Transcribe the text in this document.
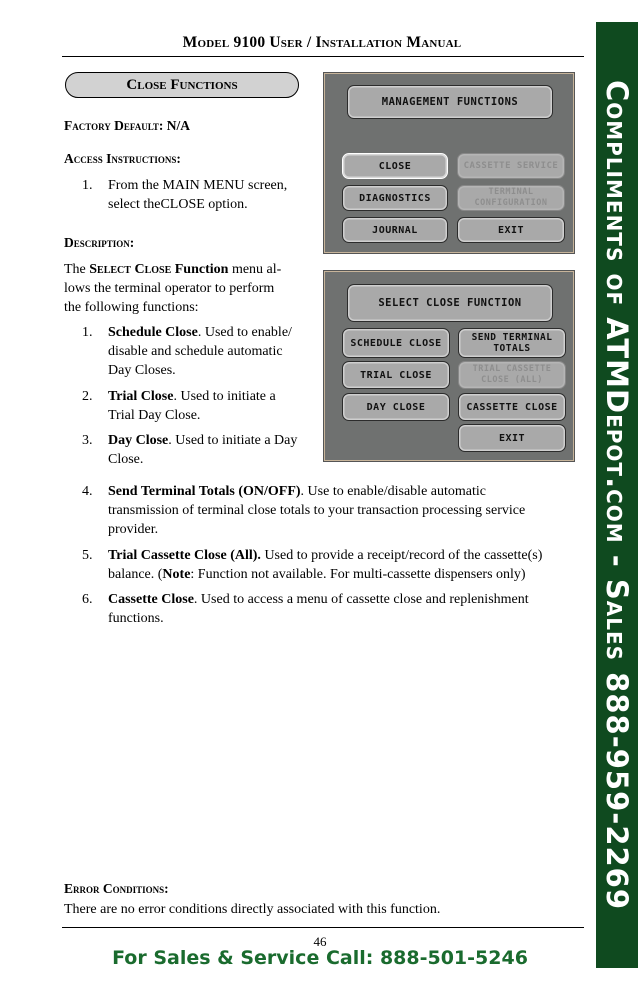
Model 9100 User / Installation Manual
Close Functions
Factory Default: N/A
Access Instructions:
1. From the MAIN MENU screen,
select theCLOSE option.
Description:
The Select Close Function menu al-
lows the terminal operator to perform
the following functions:
1. Schedule Close. Used to enable/
disable and schedule automatic
Day Closes.
2. Trial Close. Used to initiate a
Trial Day Close.
3. Day Close. Used to initiate a Day
Close.
4. Send Terminal Totals (ON/OFF). Use to enable/disable automatic
transmission of terminal close totals to your transaction processing service
provider.
5. Trial Cassette Close (All). Used to provide a receipt/record of the cassette(s)
balance. (Note: Function not available. For multi-cassette dispensers only)
6. Cassette Close. Used to access a menu of cassette close and replenishment
functions.
MANAGEMENT FUNCTIONS
CLOSE	CASSETTE SERVICE
DIAGNOSTICS
TERMINAL CONFIGURATION
JOURNAL	EXIT
SELECT CLOSE FUNCTION
SCHEDULE CLOSE	SEND TERMINAL TOTALS
TRIAL CLOSE
TRIAL CASSETTE CLOSE (ALL)
DAY CLOSE	CASSETTE CLOSE
EXIT
Error Conditions:
There are no error conditions directly associated with this function.
46
For Sales & Service Call: 888-501-5246
Compliments of ATMDepot.com - Sales 888-959-2269
